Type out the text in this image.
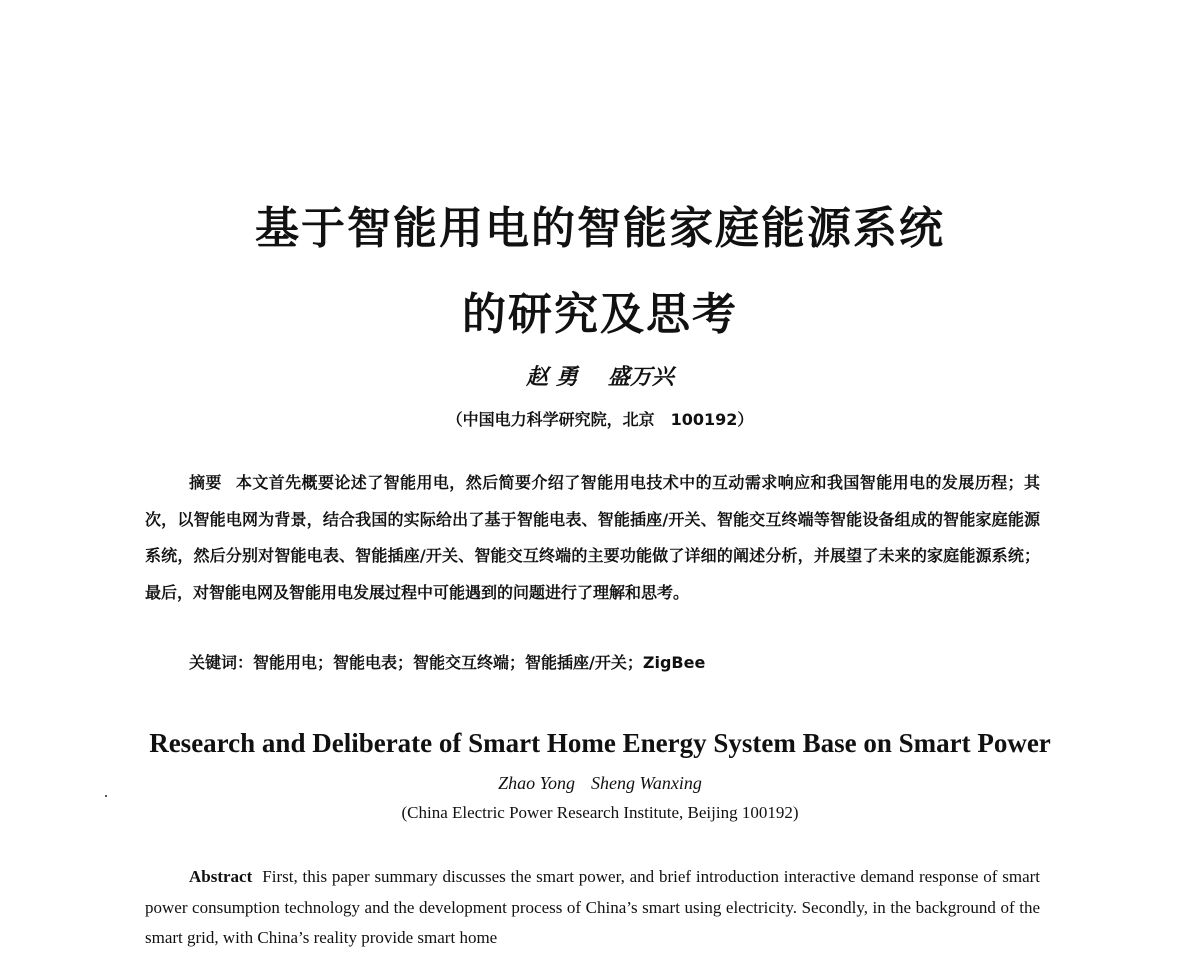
基于智能用电的智能家庭能源系统
的研究及思考
赵 勇 盛万兴
（中国电力科学研究院，北京　100192）

摘要 本文首先概要论述了智能用电，然后简要介绍了智能用电技术中的互动需求响应和我国智能用电的发展历程；其次，以智能电网为背景，结合我国的实际给出了基于智能电表、智能插座/开关、智能交互终端等智能设备组成的智能家庭能源系统，然后分别对智能电表、智能插座/开关、智能交互终端的主要功能做了详细的阐述分析，并展望了未来的家庭能源系统；最后，对智能电网及智能用电发展过程中可能遇到的问题进行了理解和思考。

关键词：智能用电；智能电表；智能交互终端；智能插座/开关；ZigBee

Research and Deliberate of Smart Home Energy System Base on Smart Power
Zhao Yong Sheng Wanxing
(China Electric Power Research Institute, Beijing 100192)

Abstract First, this paper summary discusses the smart power, and brief introduction interactive demand response of smart power consumption technology and the development process of China’s smart using electricity. Secondly, in the background of the smart grid, with China’s reality provide smart home
